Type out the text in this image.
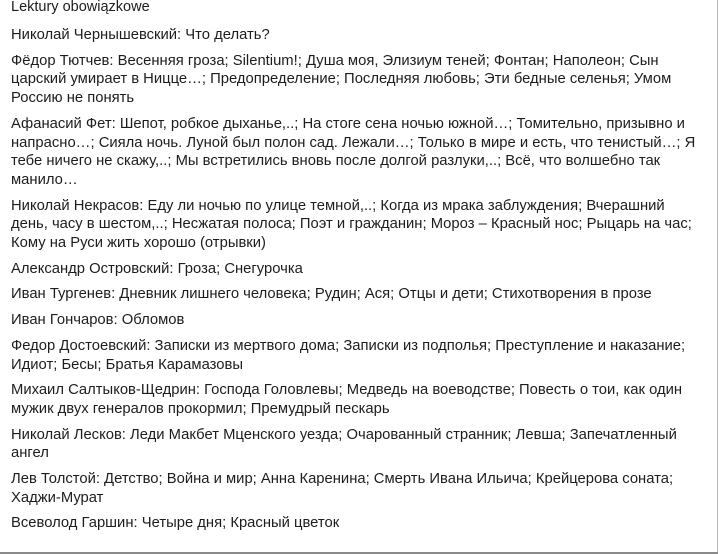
Lektury obowiązkowe
Николай Чернышевский: Что делать?
Фёдор Тютчев: Весенняя гроза; Silentium!; Душа моя, Элизиум теней; Фонтан; Наполеон; Сын царский умирает в Ницце…; Предопределение; Последняя любовь; Эти бедные селенья; Умом Россию не понять
Афанасий Фет: Шепот, робкое дыханье,..; На стоге сена ночью южной…; Томительно, призывно и напрасно…; Сияла ночь. Луной был полон сад. Лежали…; Только в мире и есть, что тенистый…; Я тебе ничего не скажу,..; Мы встретились вновь после долгой разлуки,..; Всё, что волшебно так манило…
Николай Некрасов: Еду ли ночью по улице темной,..; Когда из мрака заблуждения; Вчерашний день, часу в шестом,..; Несжатая полоса; Поэт и гражданин; Мороз – Красный нос; Рыцарь на час; Кому на Руси жить хорошо (отрывки)
Александр Островский: Гроза; Снегурочка
Иван Тургенев: Дневник лишнего человека; Рудин; Ася; Отцы и дети; Стихотворения в прозе
Иван Гончаров: Обломов
Федор Достоевский: Записки из мертвого дома; Записки из подполья; Преступление и наказание; Идиот; Бесы; Братья Карамазовы
Михаил Салтыков-Щедрин: Господа Головлевы; Медведь на воеводстве; Повесть о тои, как один мужик двух генералов прокормил; Премудрый пескарь
Николай Лесков: Леди Макбет Мценского уезда; Очарованный странник; Левша; Запечатленный ангел
Лев Толстой: Детство; Война и мир; Анна Каренина; Смерть Ивана Ильича; Крейцерова соната; Хаджи-Мурат
Всеволод Гаршин: Четыре дня; Красный цветок
